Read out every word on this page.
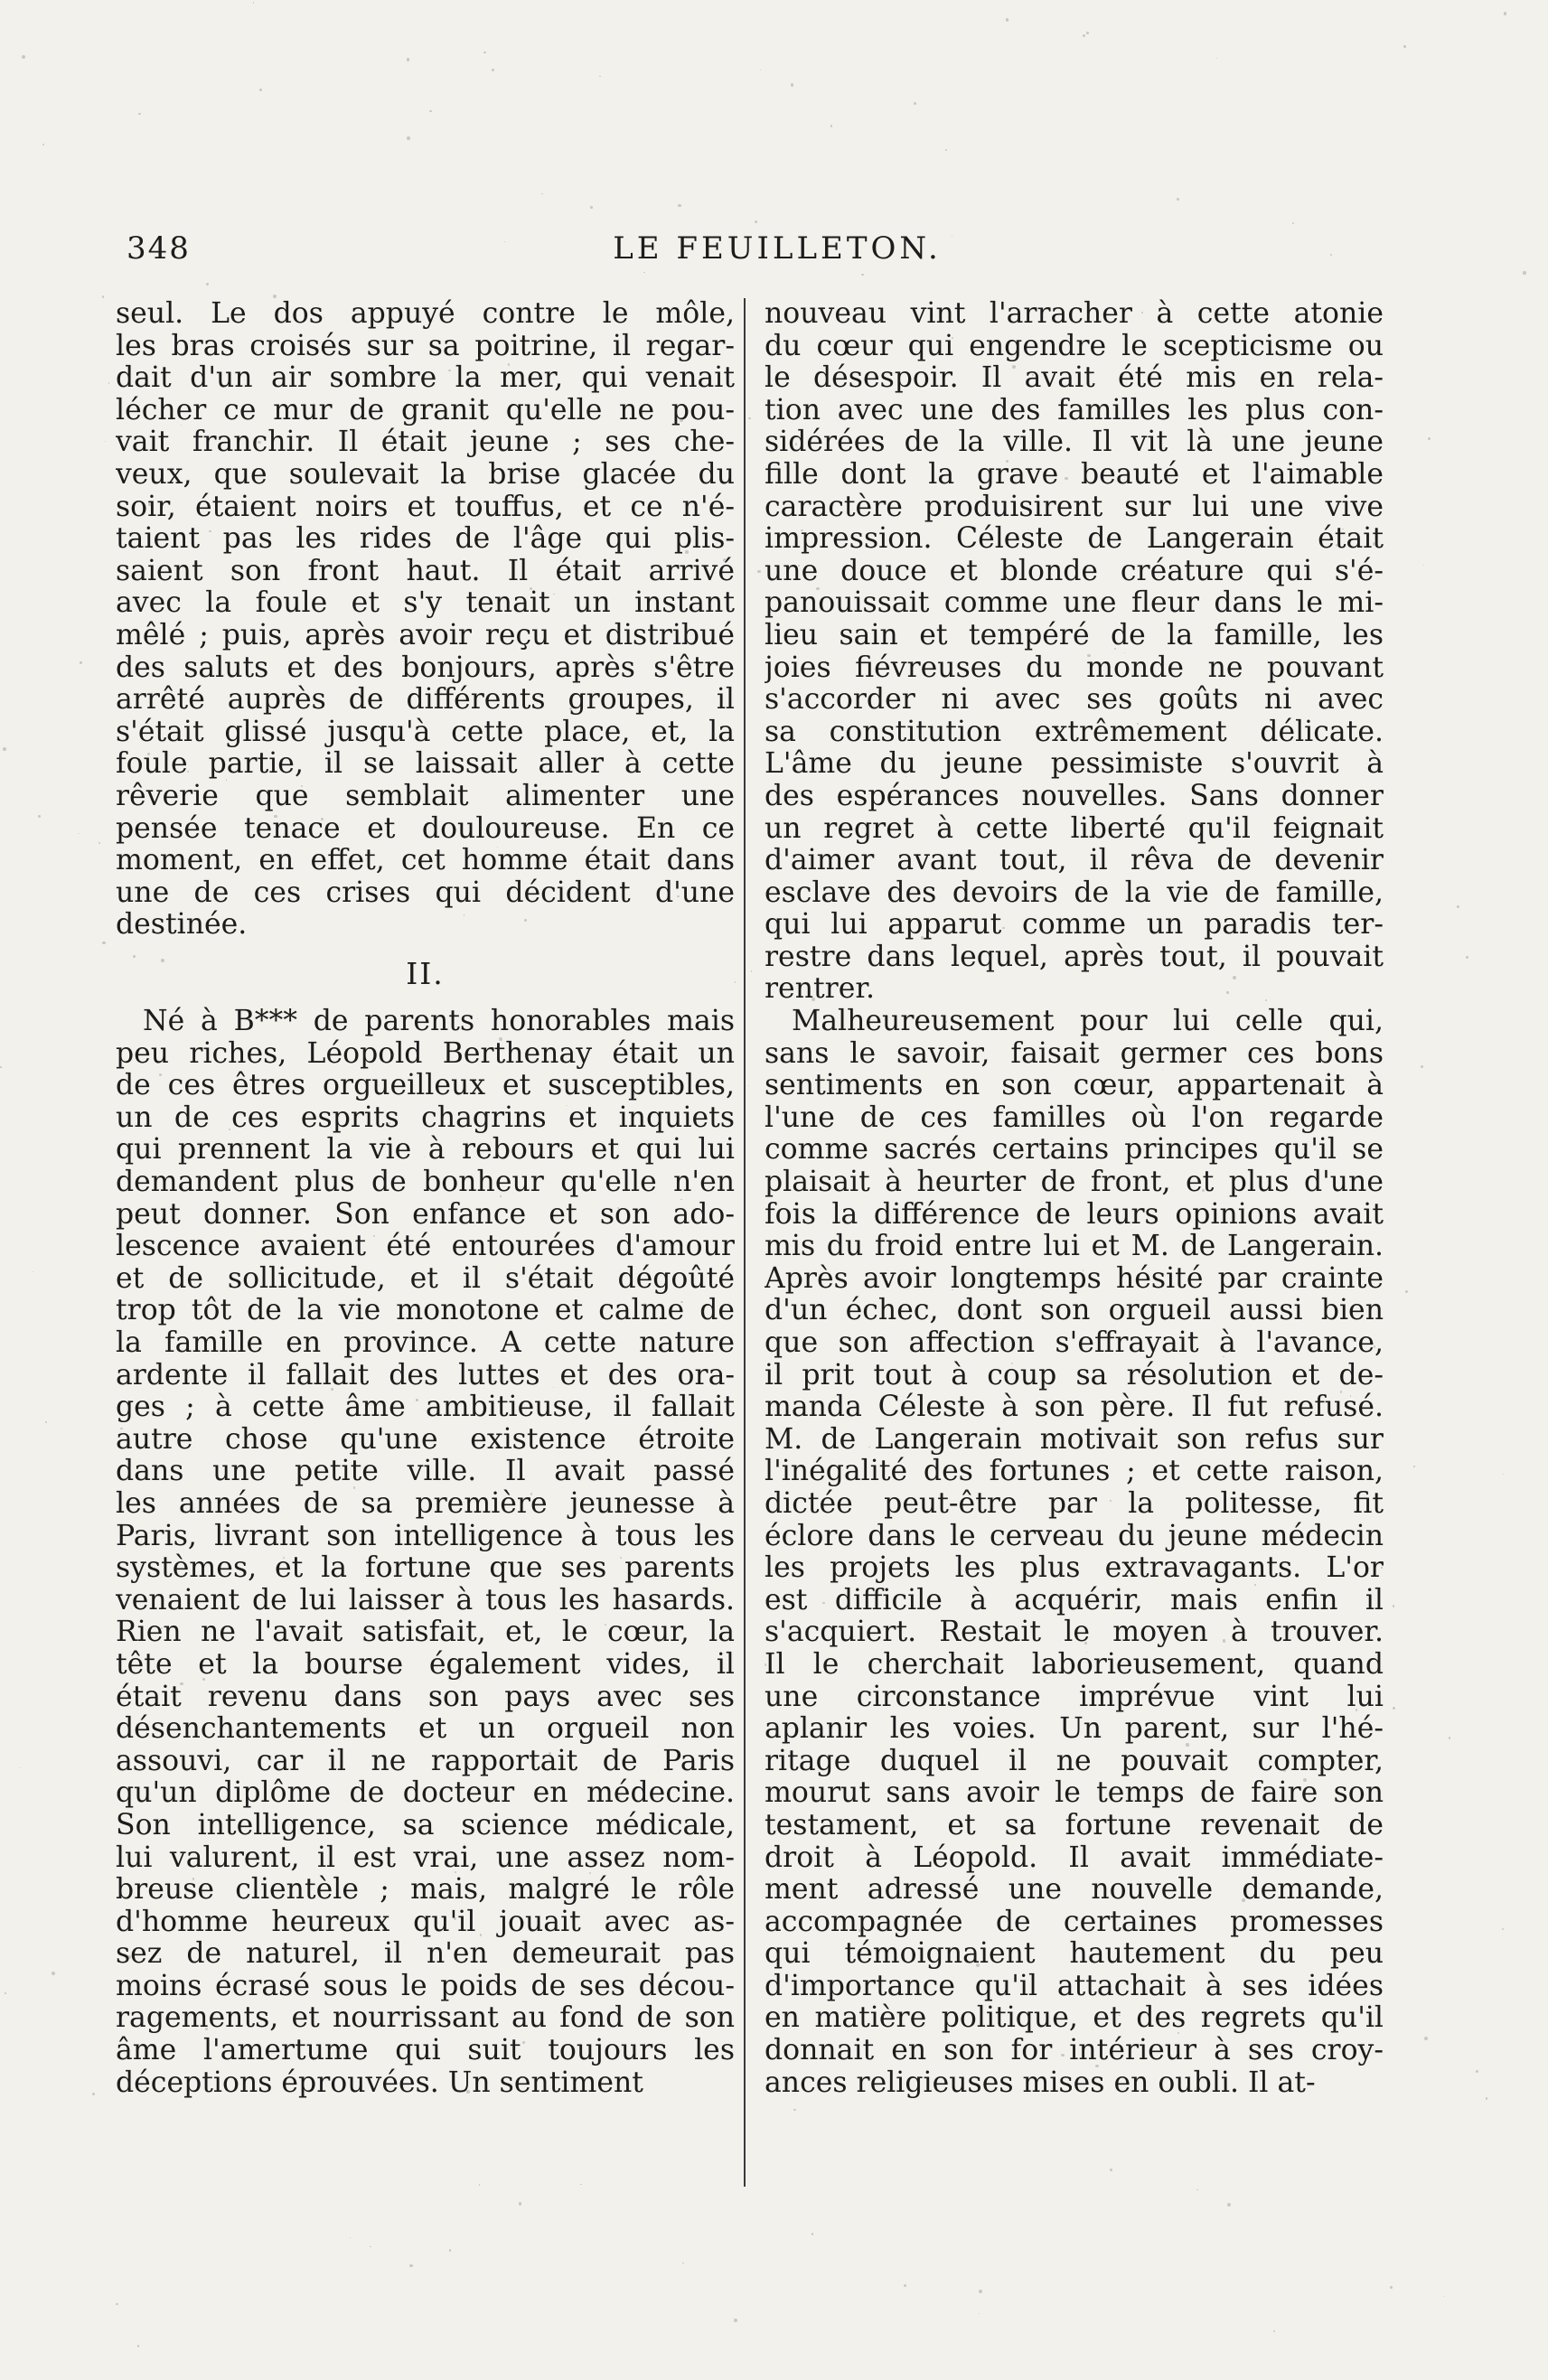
348	LE FEUILLETON.
seul. Le dos appuyé contre le môle,
les bras croisés sur sa poitrine, il regar-
dait d'un air sombre la mer, qui venait
lécher ce mur de granit qu'elle ne pou-
vait franchir. Il était jeune ; ses che-
veux, que soulevait la brise glacée du
soir, étaient noirs et touffus, et ce n'é-
taient pas les rides de l'âge qui plis-
saient son front haut. Il était arrivé
avec la foule et s'y tenait un instant
mêlé ; puis, après avoir reçu et distribué
des saluts et des bonjours, après s'être
arrêté auprès de différents groupes, il
s'était glissé jusqu'à cette place, et, la
foule partie, il se laissait aller à cette
rêverie que semblait alimenter une
pensée tenace et douloureuse. En ce
moment, en effet, cet homme était dans
une de ces crises qui décident d'une
destinée.
II.
Né à B*** de parents honorables mais
peu riches, Léopold Berthenay était un
de ces êtres orgueilleux et susceptibles,
un de ces esprits chagrins et inquiets
qui prennent la vie à rebours et qui lui
demandent plus de bonheur qu'elle n'en
peut donner. Son enfance et son ado-
lescence avaient été entourées d'amour
et de sollicitude, et il s'était dégoûté
trop tôt de la vie monotone et calme de
la famille en province. A cette nature
ardente il fallait des luttes et des ora-
ges ; à cette âme ambitieuse, il fallait
autre chose qu'une existence étroite
dans une petite ville. Il avait passé
les années de sa première jeunesse à
Paris, livrant son intelligence à tous les
systèmes, et la fortune que ses parents
venaient de lui laisser à tous les hasards.
Rien ne l'avait satisfait, et, le cœur, la
tête et la bourse également vides, il
était revenu dans son pays avec ses
désenchantements et un orgueil non
assouvi, car il ne rapportait de Paris
qu'un diplôme de docteur en médecine.
Son intelligence, sa science médicale,
lui valurent, il est vrai, une assez nom-
breuse clientèle ; mais, malgré le rôle
d'homme heureux qu'il jouait avec as-
sez de naturel, il n'en demeurait pas
moins écrasé sous le poids de ses décou-
ragements, et nourrissant au fond de son
âme l'amertume qui suit toujours les
déceptions éprouvées. Un sentiment
nouveau vint l'arracher à cette atonie
du cœur qui engendre le scepticisme ou
le désespoir. Il avait été mis en rela-
tion avec une des familles les plus con-
sidérées de la ville. Il vit là une jeune
fille dont la grave beauté et l'aimable
caractère produisirent sur lui une vive
impression. Céleste de Langerain était
une douce et blonde créature qui s'é-
panouissait comme une fleur dans le mi-
lieu sain et tempéré de la famille, les
joies fiévreuses du monde ne pouvant
s'accorder ni avec ses goûts ni avec
sa constitution extrêmement délicate.
L'âme du jeune pessimiste s'ouvrit à
des espérances nouvelles. Sans donner
un regret à cette liberté qu'il feignait
d'aimer avant tout, il rêva de devenir
esclave des devoirs de la vie de famille,
qui lui apparut comme un paradis ter-
restre dans lequel, après tout, il pouvait
rentrer.
Malheureusement pour lui celle qui,
sans le savoir, faisait germer ces bons
sentiments en son cœur, appartenait à
l'une de ces familles où l'on regarde
comme sacrés certains principes qu'il se
plaisait à heurter de front, et plus d'une
fois la différence de leurs opinions avait
mis du froid entre lui et M. de Langerain.
Après avoir longtemps hésité par crainte
d'un échec, dont son orgueil aussi bien
que son affection s'effrayait à l'avance,
il prit tout à coup sa résolution et de-
manda Céleste à son père. Il fut refusé.
M. de Langerain motivait son refus sur
l'inégalité des fortunes ; et cette raison,
dictée peut-être par la politesse, fit
éclore dans le cerveau du jeune médecin
les projets les plus extravagants. L'or
est difficile à acquérir, mais enfin il
s'acquiert. Restait le moyen à trouver.
Il le cherchait laborieusement, quand
une circonstance imprévue vint lui
aplanir les voies. Un parent, sur l'hé-
ritage duquel il ne pouvait compter,
mourut sans avoir le temps de faire son
testament, et sa fortune revenait de
droit à Léopold. Il avait immédiate-
ment adressé une nouvelle demande,
accompagnée de certaines promesses
qui témoignaient hautement du peu
d'importance qu'il attachait à ses idées
en matière politique, et des regrets qu'il
donnait en son for intérieur à ses croy-
ances religieuses mises en oubli. Il at-
